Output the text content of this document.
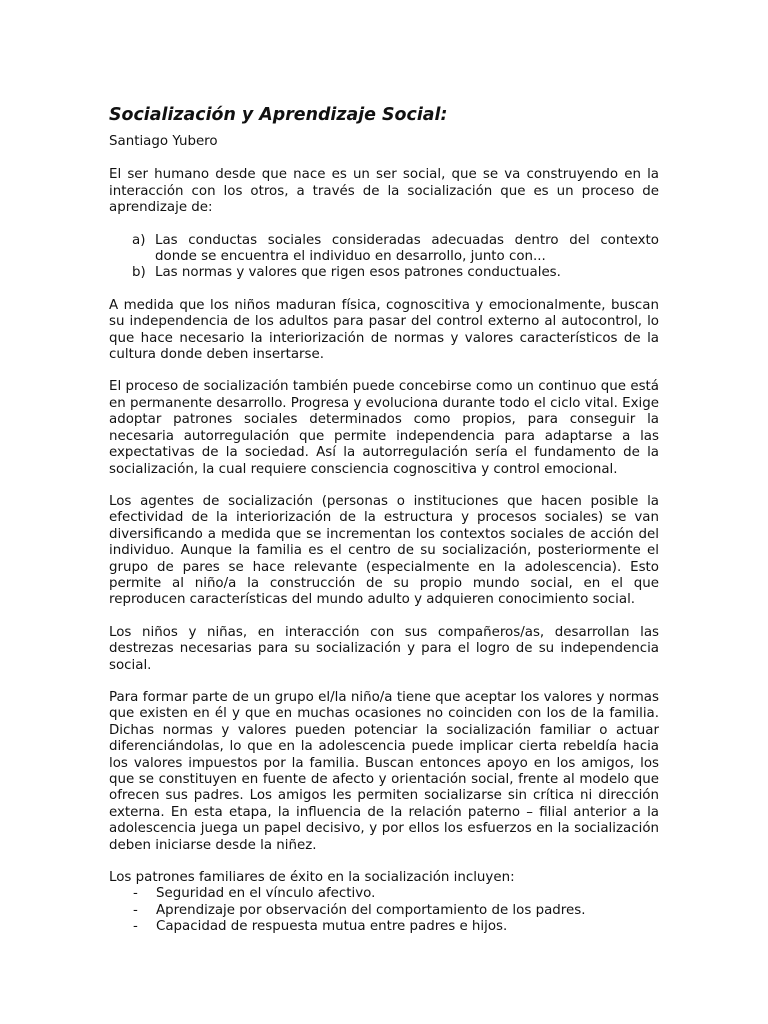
Socialización y Aprendizaje Social:
Santiago Yubero

El ser humano desde que nace es un ser social, que se va construyendo en la interacción con los otros, a través de la socialización que es un proceso de aprendizaje de:

a) Las conductas sociales consideradas adecuadas dentro del contexto donde se encuentra el individuo en desarrollo, junto con...
b) Las normas y valores que rigen esos patrones conductuales.

A medida que los niños maduran física, cognoscitiva y emocionalmente, buscan su independencia de los adultos para pasar del control externo al autocontrol, lo que hace necesario la interiorización de normas y valores característicos de la cultura donde deben insertarse.

El proceso de socialización también puede concebirse como un continuo que está en permanente desarrollo. Progresa y evoluciona durante todo el ciclo vital. Exige adoptar patrones sociales determinados como propios, para conseguir la necesaria autorregulación que permite independencia para adaptarse a las expectativas de la sociedad. Así la autorregulación sería el fundamento de la socialización, la cual requiere consciencia cognoscitiva y control emocional.

Los agentes de socialización (personas o instituciones que hacen posible la efectividad de la interiorización de la estructura y procesos sociales) se van diversificando a medida que se incrementan los contextos sociales de acción del individuo. Aunque la familia es el centro de su socialización, posteriormente el grupo de pares se hace relevante (especialmente en la adolescencia). Esto permite al niño/a la construcción de su propio mundo social, en el que reproducen características del mundo adulto y adquieren conocimiento social.

Los niños y niñas, en interacción con sus compañeros/as, desarrollan las destrezas necesarias para su socialización y para el logro de su independencia social.

Para formar parte de un grupo el/la niño/a tiene que aceptar los valores y normas que existen en él y que en muchas ocasiones no coinciden con los de la familia. Dichas normas y valores pueden potenciar la socialización familiar o actuar diferenciándolas, lo que en la adolescencia puede implicar cierta rebeldía hacia los valores impuestos por la familia. Buscan entonces apoyo en los amigos, los que se constituyen en fuente de afecto y orientación social, frente al modelo que ofrecen sus padres. Los amigos les permiten socializarse sin crítica ni dirección externa. En esta etapa, la influencia de la relación paterno – filial anterior a la adolescencia juega un papel decisivo, y por ellos los esfuerzos en la socialización deben iniciarse desde la niñez.

Los patrones familiares de éxito en la socialización incluyen:

- Seguridad en el vínculo afectivo.
- Aprendizaje por observación del comportamiento de los padres.
- Capacidad de respuesta mutua entre padres e hijos.
